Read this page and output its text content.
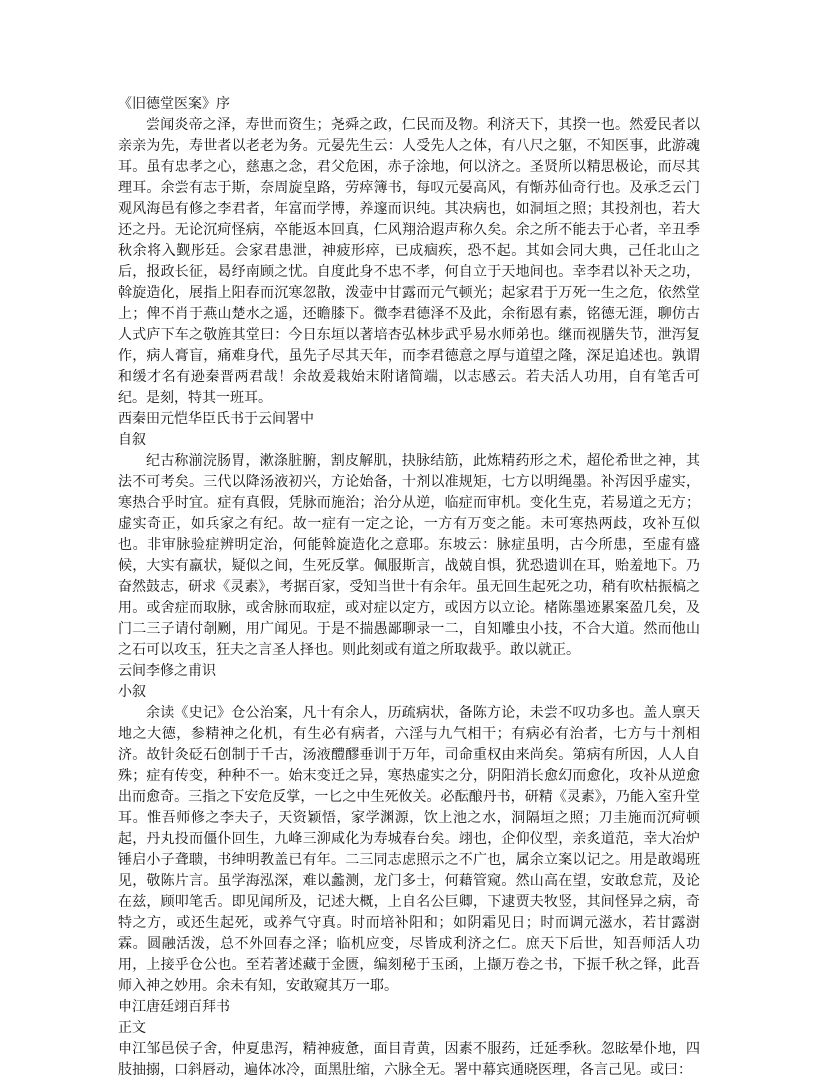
《旧德堂医案》序

尝闻炎帝之泽，寿世而资生；尧舜之政，仁民而及物。利济天下，其揆一也。然爱民者以亲亲为先，寿世者以老老为务。元晏先生云：人受先人之体，有八尺之躯，不知医事，此游魂耳。虽有忠孝之心，慈惠之念，君父危困，赤子涂地，何以济之。圣贤所以精思极论，而尽其理耳。余尝有志于斯，奈周旋皇路，劳瘁簿书，每叹元晏高风，有惭苏仙奇行也。及承乏云门观风海邑有修之李君者，年富而学博，养邃而识纯。其决病也，如洞垣之照；其投剂也，若大还之丹。无论沉疴怪病，卒能返本回真，仁风翔洽遐声称久矣。余之所不能去于心者，辛丑季秋余将入觐彤廷。会家君患泄，神疲形瘁，已成痼疾，恐不起。其如会同大典，己任北山之后，报政长征，曷纾南顾之忧。自度此身不忠不孝，何自立于天地间也。幸李君以补天之功，斡旋造化，展指上阳春而沉寒忽散，泼壶中甘露而元气顿光；起家君于万死一生之危，依然堂上；俾不肖于燕山楚水之遥，还瞻膝下。微李君德泽不及此，余衔恩有素，铭德无涯，聊仿古人式庐下车之敬旌其堂曰：今日东垣以著培杏弘林步武乎易水师弟也。继而视膳失节，泄泻复作，病人膏盲，痛难身代，虽先子尽其天年，而李君德意之厚与道望之隆，深足追述也。孰谓和缓才名有逊秦晋两君哉！余故爰栽始末附诸简端，以志感云。若夫活人功用，自有笔舌可纪。是刻，特其一班耳。

西秦田元恺华臣氏书于云间署中

自叙

纪古称湔浣肠胃，漱涤脏腑，割皮解肌，抉脉结筋，此炼精药形之术，超伦希世之神，其法不可考矣。三代以降汤液初兴，方论始备，十剂以准规矩，七方以明绳墨。补泻因乎虚实，寒热合乎时宜。症有真假，凭脉而施治；治分从逆，临症而审机。变化生克，若易道之无方；虚实奇正，如兵家之有纪。故一症有一定之论，一方有万变之能。未可寒热两歧，攻补互似也。非审脉验症辨明定治，何能斡旋造化之意耶。东坡云：脉症虽明，古今所患，至虚有盛候，大实有羸状，疑似之间，生死反掌。佩服斯言，战兢自惧，犹恐遗训在耳，贻羞地下。乃奋然鼓志，研求《灵素》，考据百家，受知当世十有余年。虽无回生起死之功，稍有吹枯振槁之用。或舍症而取脉，或舍脉而取症，或对症以定方，或因方以立论。楮陈墨迹累案盈几矣，及门二三子请付剞劂，用广闻见。于是不揣愚鄙聊录一二，自知雕虫小技，不合大道。然而他山之石可以攻玉，狂夫之言圣人择也。则此刻或有道之所取裁乎。敢以就正。

云间李修之甫识

小叙

余读《史记》仓公治案，凡十有余人，历疏病状，备陈方论，未尝不叹功多也。盖人禀天地之大德，参精神之化机，有生必有病者，六淫与九气相干；有病必有治者，七方与十剂相济。故针灸砭石创制于千古，汤液醴醪垂训于万年，司命重权由来尚矣。第病有所因，人人自殊；症有传变，种种不一。始末变迁之异，寒热虚实之分，阴阳消长愈幻而愈化，攻补从逆愈出而愈奇。三指之下安危反掌，一匕之中生死攸关。必酝酿丹书，研精《灵素》，乃能入室升堂耳。惟吾师修之李夫子，天资颖悟，家学渊源，饮上池之水，洞隔垣之照；刀圭施而沉疴顿起，丹丸投而僵仆回生，九峰三泖咸化为寿城春台矣。翊也，企仰仪型，亲炙道范，幸大冶炉锤启小子聋聩，书绅明教盖已有年。二三同志虑照示之不广也，属余立案以记之。用是敢竭班见，敬陈片言。虽学海泓深，难以蠡测，龙门多士，何藉管窥。然山高在望，安敢怠荒，及论在兹，顾叩笔舌。即见闻所及，记述大概，上自名公巨卿，下逮贾夫牧竖，其间怪异之病，奇特之方，或还生起死，或养气守真。时而培补阳和；如阴霜见日；时而调元滋水，若甘露澍霖。圆融活泼，总不外回春之泽；临机应变，尽皆成利济之仁。庶天下后世，知吾师活人功用，上接乎仓公也。至若著述藏于金匮，编刻秘于玉函，上撷万卷之书，下振千秋之铎，此吾师入神之妙用。余未有知，安敢窥其万一耶。

申江唐廷翊百拜书

正文

申江邹邑侯子舍，仲夏患泻，精神疲惫，面目青黄，因素不服药，迁延季秋。忽眩晕仆地，四肢抽搦，口斜唇动，遍体冰冷，面黑肚缩，六脉全无。署中幕宾通晓医理，各言己见。或曰：
